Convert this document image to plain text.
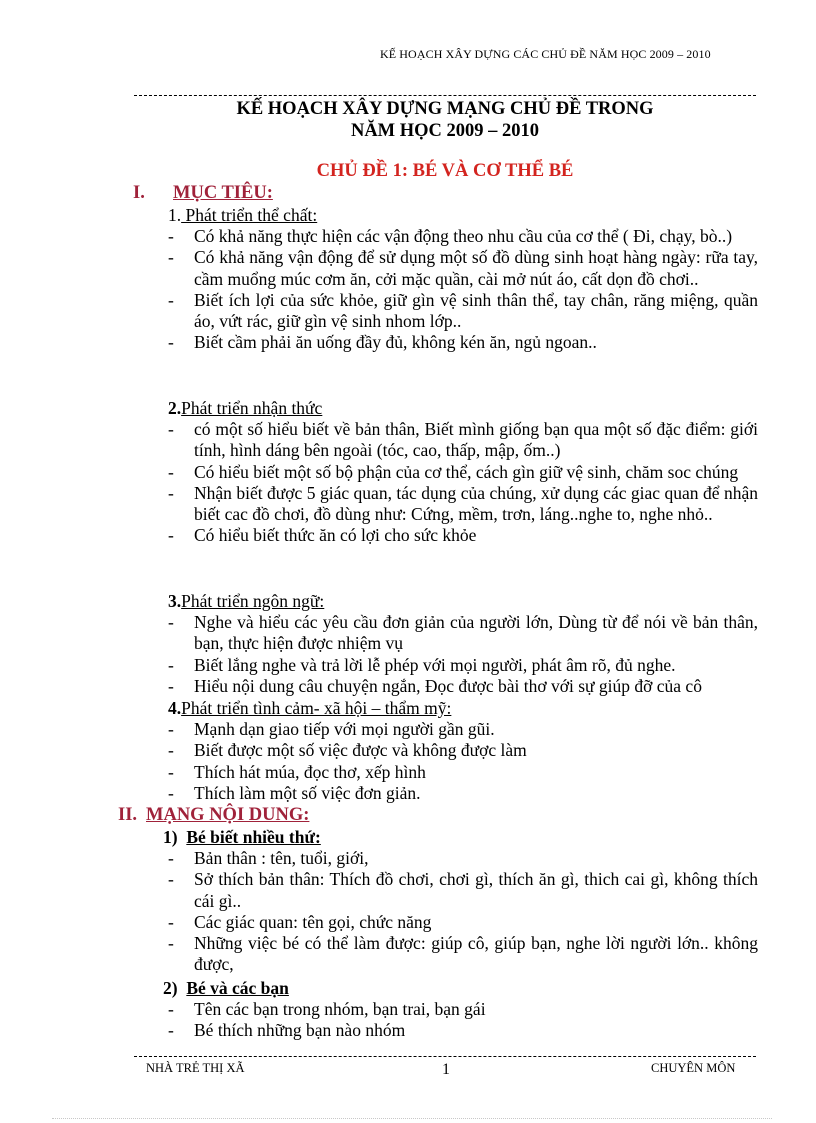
KẾ HOẠCH XÂY DỰNG CÁC CHỦ ĐỀ NĂM HỌC 2009 – 2010
KẾ HOẠCH XÂY DỰNG MẠNG CHỦ ĐỀ TRONG
NĂM HỌC 2009 – 2010
CHỦ ĐỀ 1: BÉ VÀ CƠ THỂ BÉ
I. MỤC TIÊU:
1. Phát triển thể chất:
- Có khả năng thực hiện các vận động theo nhu cầu của cơ thể ( Đi, chạy, bò..)
- Có khả năng vận động để sử dụng một số đồ dùng sinh hoạt hàng ngày: rữa tay, cầm muổng múc cơm ăn, cởi mặc quần, cài mở nút áo, cất dọn đồ chơi..
- Biết ích lợi của sức khỏe, giữ gìn vệ sinh thân thể, tay chân, răng miệng, quần áo, vứt rác, giữ gìn vệ sinh nhom lớp..
- Biết cầm phải ăn uống đầy đủ, không kén ăn, ngủ ngoan..
2.Phát triển nhận thức
- có một số hiểu biết về bản thân, Biết mình giống bạn qua một số đặc điểm: giới tính, hình dáng bên ngoài (tóc, cao, thấp, mập, ốm..)
- Có hiểu biết một số bộ phận của cơ thể, cách gìn giữ vệ sinh, chăm soc chúng
- Nhận biết được 5 giác quan, tác dụng của chúng, xử dụng các giac quan để nhận biết cac đồ chơi, đồ dùng như: Cứng, mềm, trơn, láng..nghe to, nghe nhỏ..
- Có hiểu biết thức ăn có lợi cho sức khỏe
3.Phát triển ngôn ngữ:
- Nghe và hiểu các yêu cầu đơn giản của người lớn, Dùng từ để nói về bản thân, bạn, thực hiện được nhiệm vụ
- Biết lắng nghe và trả lời lễ phép với mọi người, phát âm rõ, đủ nghe.
- Hiểu nội dung câu chuyện ngắn, Đọc được bài thơ với sự giúp đỡ của cô
4.Phát triển tình cảm- xã hội – thẩm mỹ:
- Mạnh dạn giao tiếp với mọi người gần gũi.
- Biết được một số việc được và không được làm
- Thích hát múa, đọc thơ, xếp hình
- Thích làm một số việc đơn giản.
II. MẠNG NỘI DUNG:
1) Bé biết nhiều thứ:
- Bản thân : tên, tuổi, giới,
- Sở thích bản thân: Thích đồ chơi, chơi gì, thích ăn gì, thich cai gì, không thích cái gì..
- Các giác quan: tên gọi, chức năng
- Những việc bé có thể làm được: giúp cô, giúp bạn, nghe lời người lớn.. không được,
2) Bé và các bạn
- Tên các bạn trong nhóm, bạn trai, bạn gái
- Bé thích những bạn nào nhóm
NHÀ TRẺ THỊ XÃ	1	CHUYÊN MÔN
